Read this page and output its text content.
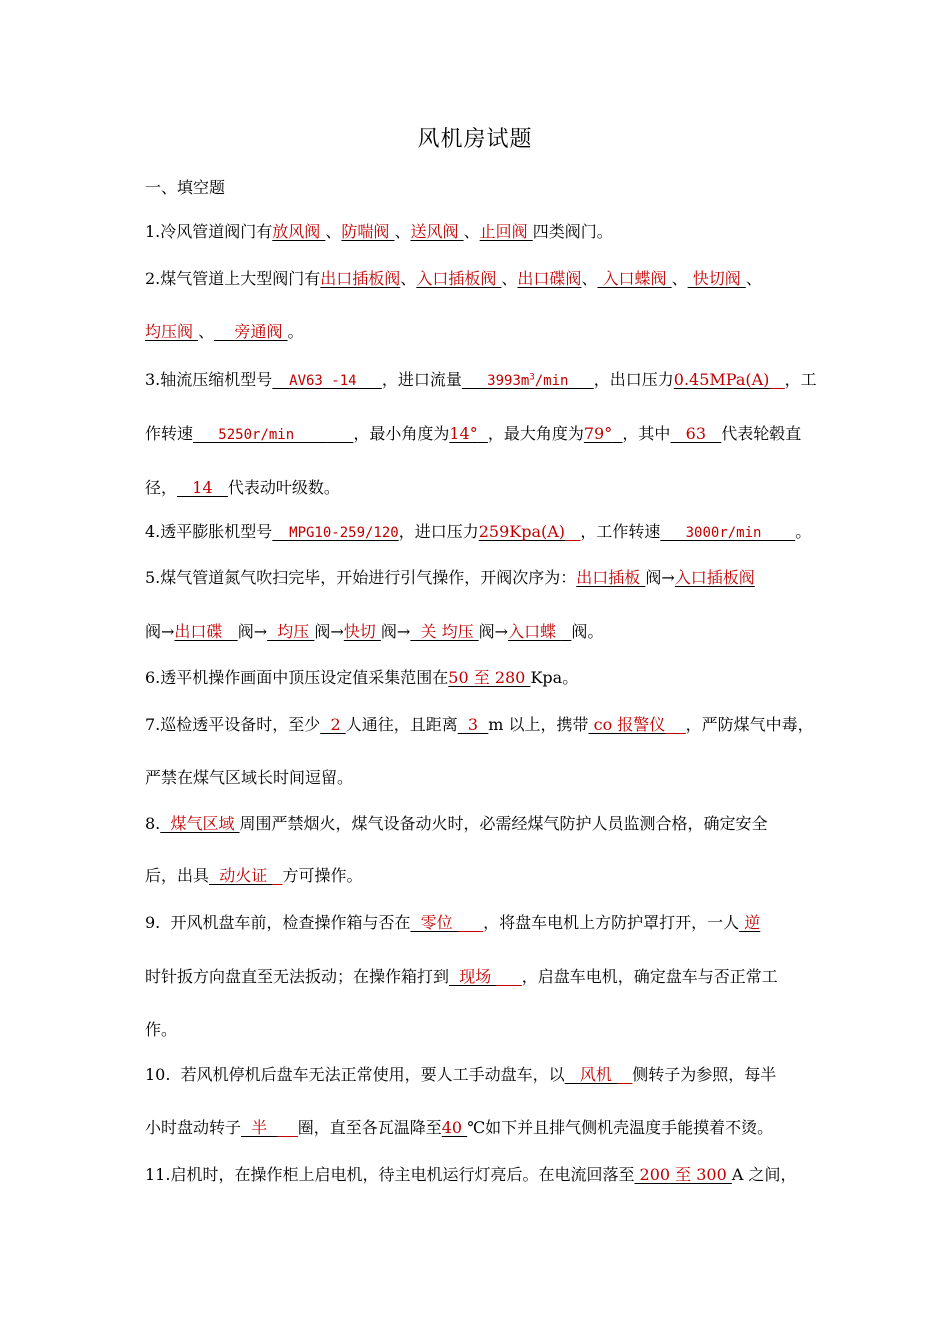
风机房试题
一、填空题
1.冷风管道阀门有放风阀 、防喘阀 、送风阀 、止回阀 四类阀门。
2.煤气管道上大型阀门有出口插板阀、入口插板阀 、出口碟阀、 入口蝶阀 、 快切阀 、
均压阀 、 旁通阀 。
3.轴流压缩机型号  AV63 -14   ，进口流量   $3993m^3/\min$   ，出口压力0.45MPa(A) ，工
作转速   5250r/min         ，最小角度为14° ，最大角度为79° ，其中   63   代表轮毂直
径，   14   代表动叶级数。
4.透平膨胀机型号  MPG10-259/120，进口压力259Kpa(A) ，工作转速   3000r/min    。
5.煤气管道氮气吹扫完毕，开始进行引气操作，开阀次序为：出口插板 阀→入口插板阀
阀→出口碟   阀→  均压 阀→快切 阀→  关 均压 阀→入口蝶   阀。
6.透平机操作画面中顶压设定值采集范围在50 至 280 Kpa。
7.巡检透平设备时，至少  2 人通往，且距离  3  m 以上，携带 co 报警仪 ，严防煤气中毒，
严禁在煤气区域长时间逗留。
8.  煤气区域 周围严禁烟火，煤气设备动火时，必需经煤气防护人员监测合格，确定安全
后，出具  动火证   方可操作。
9.  开风机盘车前，检查操作箱与否在  零位      ，将盘车电机上方防护罩打开，一人 逆
时针扳方向盘直至无法扳动；在操作箱打到  现场      ，启盘车电机，确定盘车与否正常工
作。
10.  若风机停机后盘车无法正常使用，要人工手动盘车，以   风机    侧转子为参照，每半
小时盘动转子  半      圈，直至各瓦温降至40 ℃如下并且排气侧机壳温度手能摸着不烫。
11.启机时，在操作柜上启电机，待主电机运行灯亮后。在电流回落至 200 至 300 A 之间，
